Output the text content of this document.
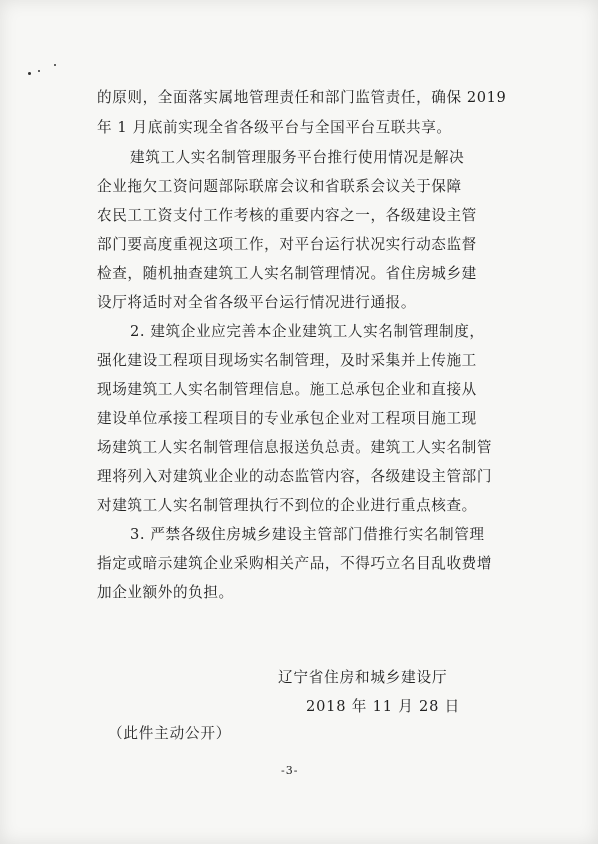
的原则，全面落实属地管理责任和部门监管责任，确保 2019
年 1 月底前实现全省各级平台与全国平台互联共享。
建筑工人实名制管理服务平台推行使用情况是解决
企业拖欠工资问题部际联席会议和省联系会议关于保障
农民工工资支付工作考核的重要内容之一，各级建设主管
部门要高度重视这项工作，对平台运行状况实行动态监督
检查，随机抽查建筑工人实名制管理情况。省住房城乡建
设厅将适时对全省各级平台运行情况进行通报。
2. 建筑企业应完善本企业建筑工人实名制管理制度，
强化建设工程项目现场实名制管理，及时采集并上传施工
现场建筑工人实名制管理信息。施工总承包企业和直接从
建设单位承接工程项目的专业承包企业对工程项目施工现
场建筑工人实名制管理信息报送负总责。建筑工人实名制管
理将列入对建筑业企业的动态监管内容，各级建设主管部门
对建筑工人实名制管理执行不到位的企业进行重点核查。
3. 严禁各级住房城乡建设主管部门借推行实名制管理
指定或暗示建筑企业采购相关产品，不得巧立名目乱收费增
加企业额外的负担。
辽宁省住房和城乡建设厅
2018 年 11 月 28 日
（此件主动公开）
-3-
